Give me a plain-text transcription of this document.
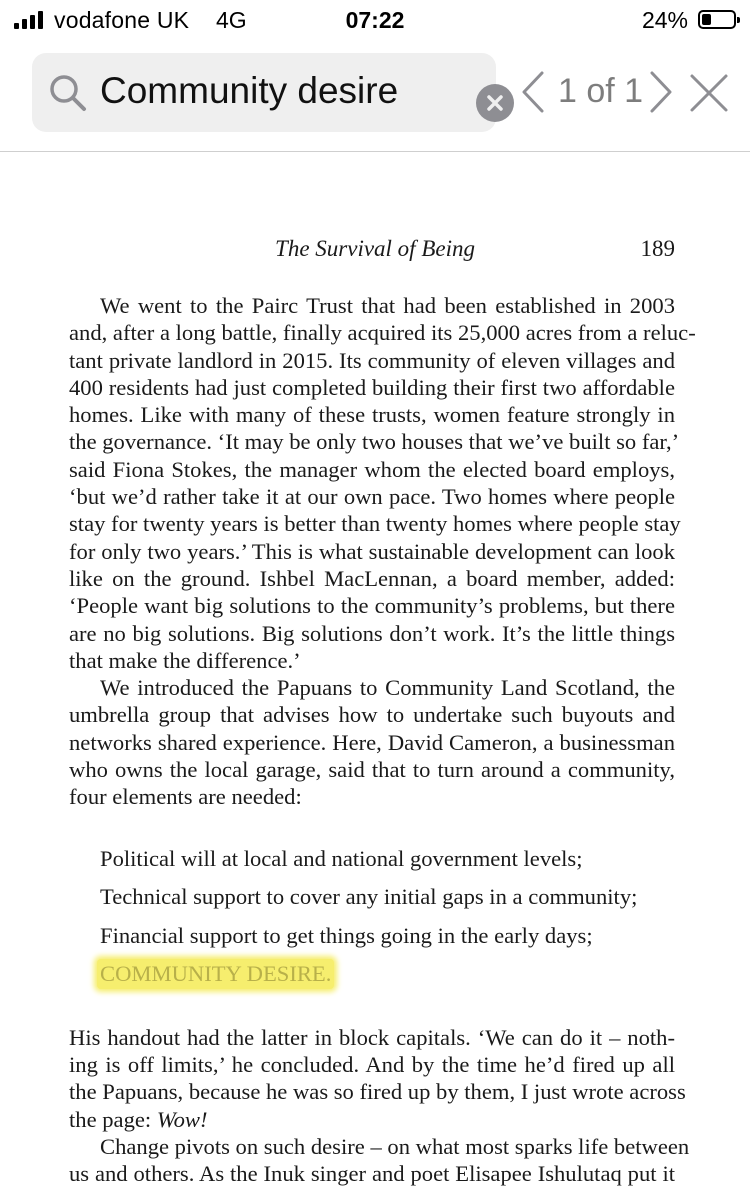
vodafone UK 4G	07:22	24%
Community desire	1 of 1
The Survival of Being	189
We went to the Pairc Trust that had been established in 2003
and, after a long battle, finally acquired its 25,000 acres from a reluc-
tant private landlord in 2015. Its community of eleven villages and
400 residents had just completed building their first two affordable
homes. Like with many of these trusts, women feature strongly in
the governance. ‘It may be only two houses that we’ve built so far,’
said Fiona Stokes, the manager whom the elected board employs,
‘but we’d rather take it at our own pace. Two homes where people
stay for twenty years is better than twenty homes where people stay
for only two years.’ This is what sustainable development can look
like on the ground. Ishbel MacLennan, a board member, added:
‘People want big solutions to the community’s problems, but there
are no big solutions. Big solutions don’t work. It’s the little things
that make the difference.’
We introduced the Papuans to Community Land Scotland, the
umbrella group that advises how to undertake such buyouts and
networks shared experience. Here, David Cameron, a businessman
who owns the local garage, said that to turn around a community,
four elements are needed:
Political will at local and national government levels;
Technical support to cover any initial gaps in a community;
Financial support to get things going in the early days;
COMMUNITY DESIRE.
His handout had the latter in block capitals. ‘We can do it – noth-
ing is off limits,’ he concluded. And by the time he’d fired up all
the Papuans, because he was so fired up by them, I just wrote across
the page: Wow!
Change pivots on such desire – on what most sparks life between
us and others. As the Inuk singer and poet Elisapee Ishulutaq put it
